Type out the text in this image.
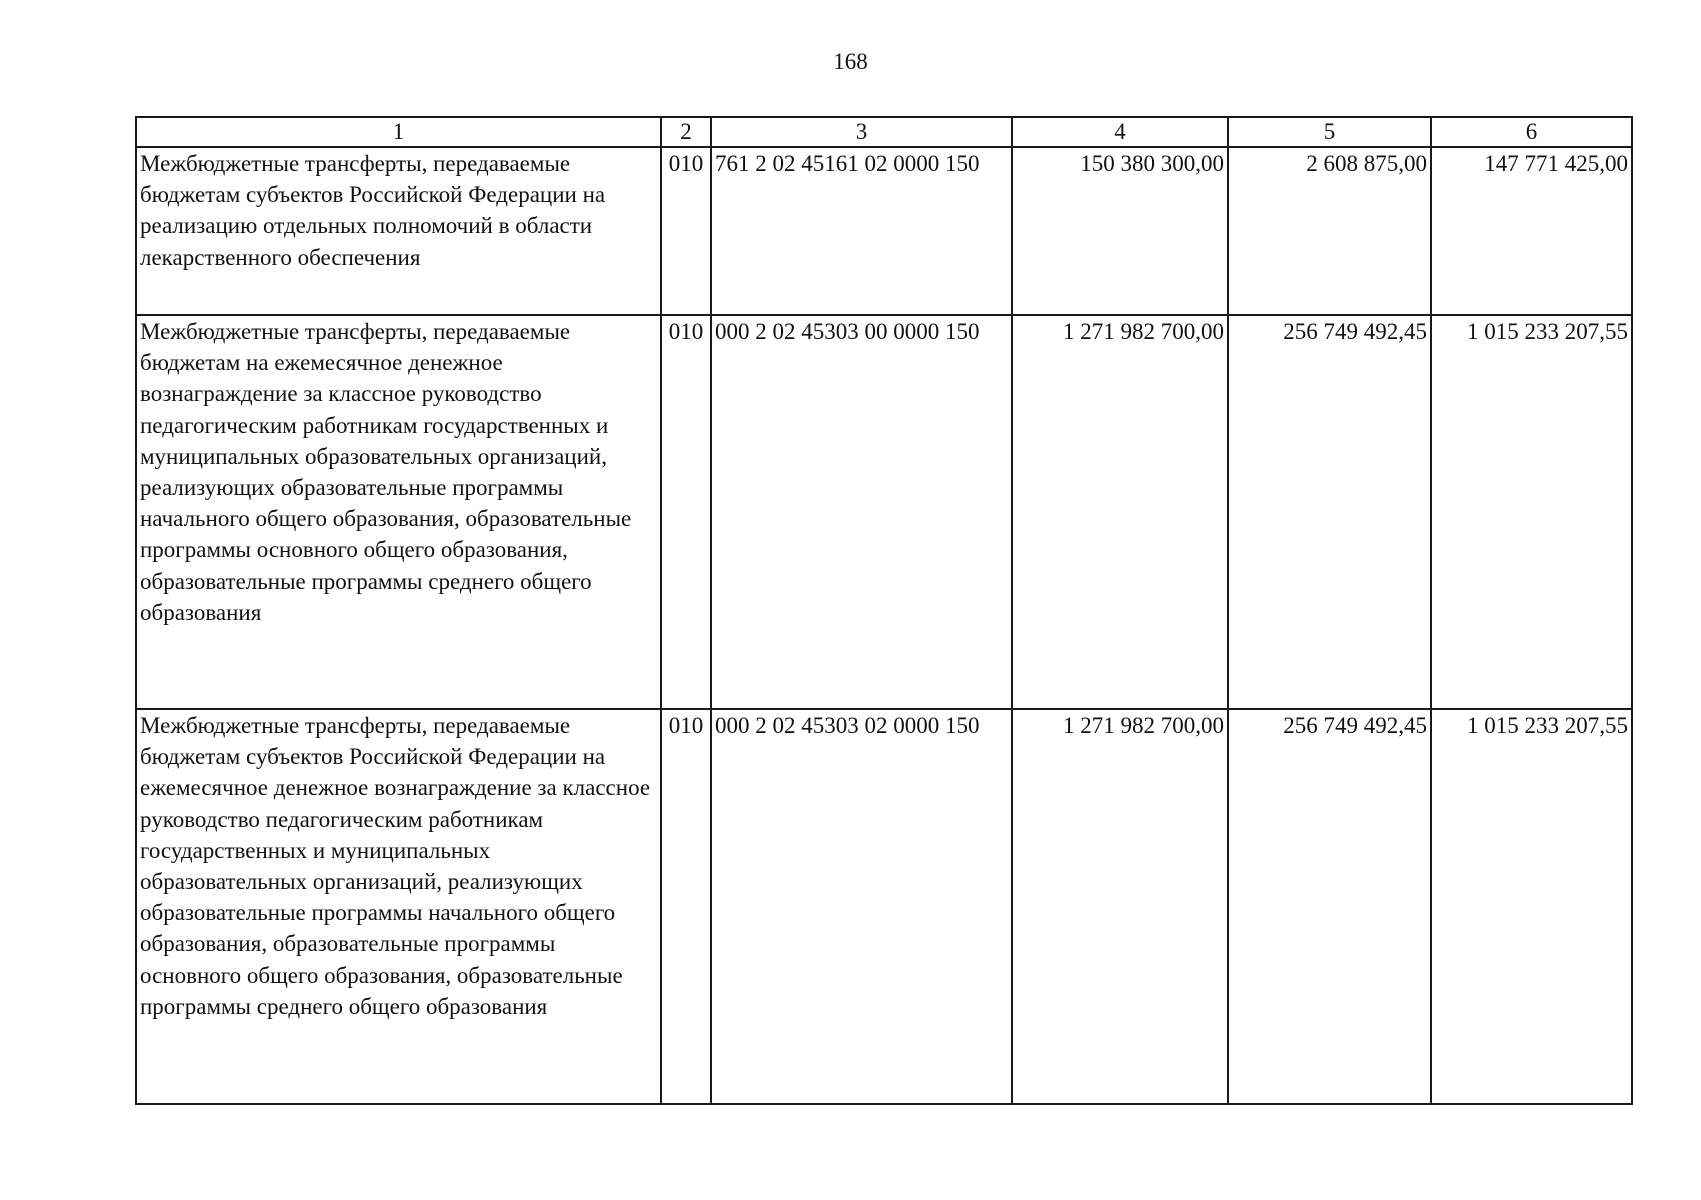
168
1	2	3	4	5	6
Межбюджетные трансферты, передаваемые бюджетам субъектов Российской Федерации на реализацию отдельных полномочий в области лекарственного обеспечения	010	761 2 02 45161 02 0000 150	150 380 300,00	2 608 875,00	147 771 425,00
Межбюджетные трансферты, передаваемые бюджетам на ежемесячное денежное вознаграждение за классное руководство педагогическим работникам государственных и муниципальных образовательных организаций, реализующих образовательные программы начального общего образования, образовательные программы основного общего образования, образовательные программы среднего общего образования	010	000 2 02 45303 00 0000 150	1 271 982 700,00	256 749 492,45	1 015 233 207,55
Межбюджетные трансферты, передаваемые бюджетам субъектов Российской Федерации на ежемесячное денежное вознаграждение за классное руководство педагогическим работникам государственных и муниципальных образовательных организаций, реализующих образовательные программы начального общего образования, образовательные программы основного общего образования, образовательные программы среднего общего образования	010	000 2 02 45303 02 0000 150	1 271 982 700,00	256 749 492,45	1 015 233 207,55
